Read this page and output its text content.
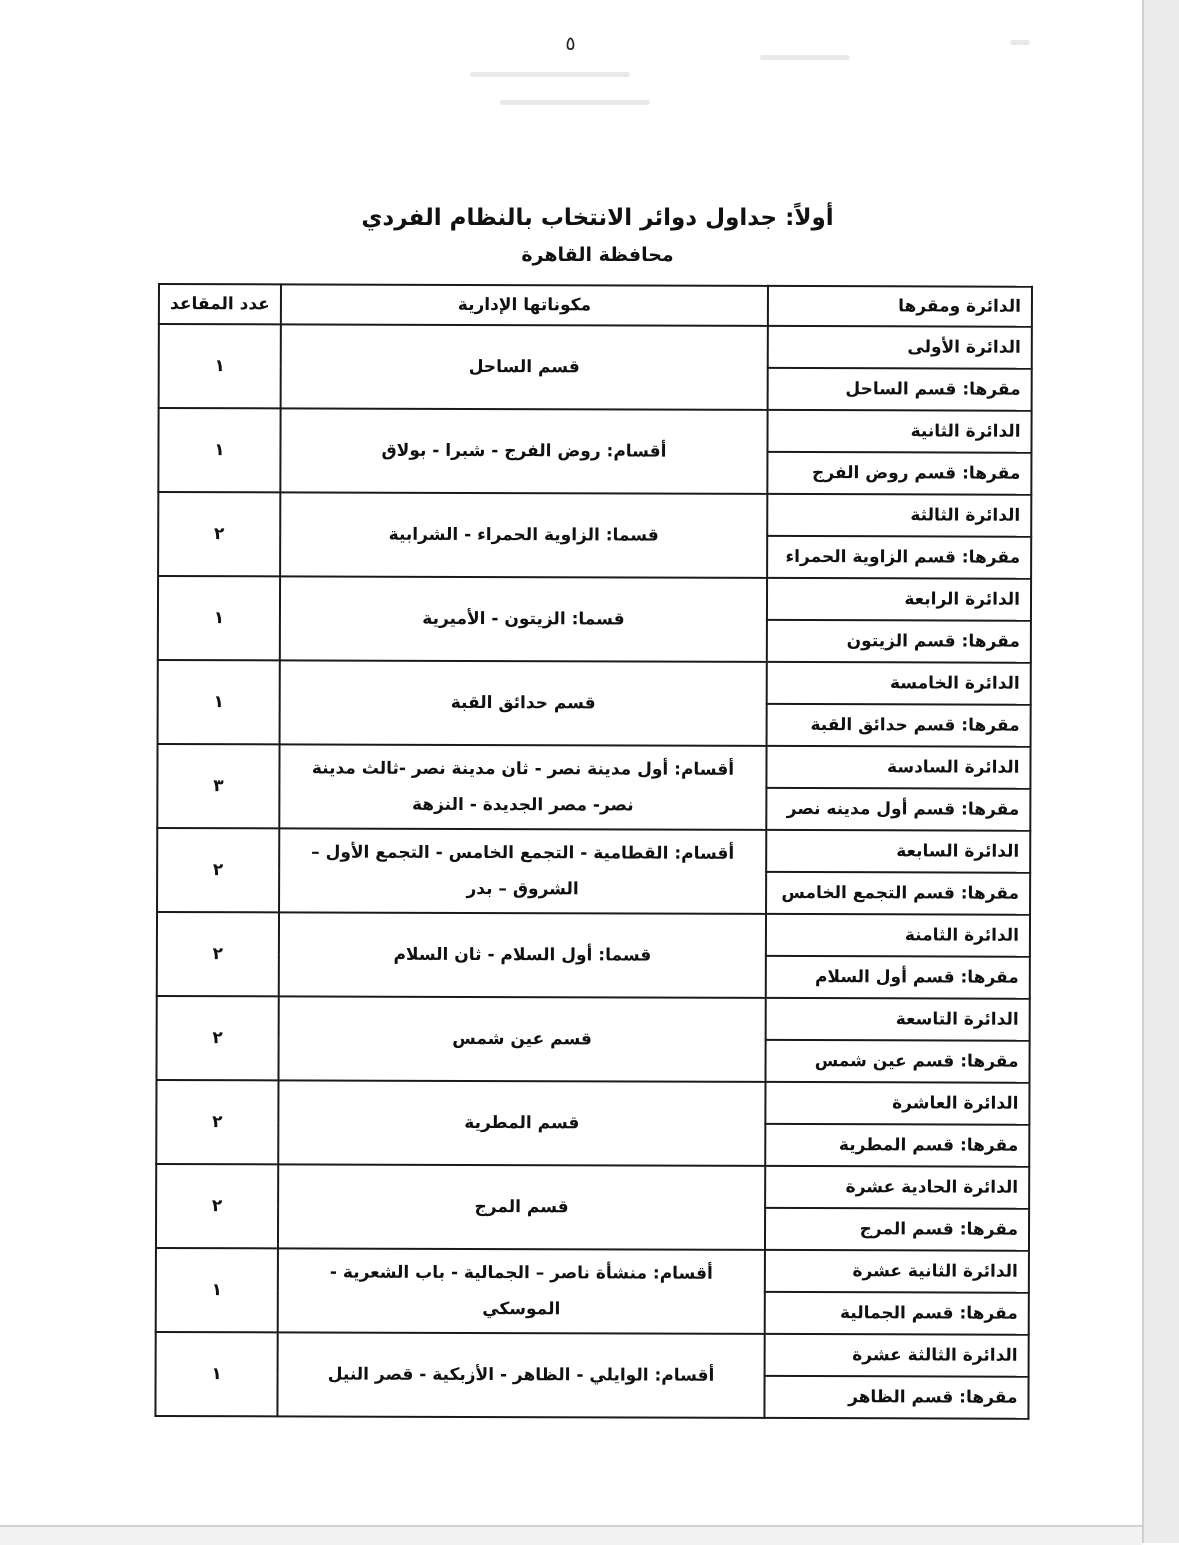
٥
أولاً: جداول دوائر الانتخاب بالنظام الفردي
محافظة القاهرة
الدائرة ومقرها	مكوناتها الإدارية	عدد المقاعد
الدائرة الأولى	قسم الساحل	١
مقرها: قسم الساحل		
الدائرة الثانية	أقسام: روض الفرج - شبرا - بولاق	١
مقرها: قسم روض الفرج		
الدائرة الثالثة	قسما: الزاوية الحمراء - الشرابية	٢
مقرها: قسم الزاوية الحمراء		
الدائرة الرابعة	قسما: الزيتون - الأميرية	١
مقرها: قسم الزيتون		
الدائرة الخامسة	قسم حدائق القبة	١
مقرها: قسم حدائق القبة		
الدائرة السادسة	أقسام: أول مدينة نصر - ثان مدينة نصر -ثالث مدينة نصر- مصر الجديدة - النزهة	٣
مقرها: قسم أول مدينه نصر		
الدائرة السابعة	أقسام: القطامية - التجمع الخامس - التجمع الأول – الشروق – بدر	٢
مقرها: قسم التجمع الخامس		
الدائرة الثامنة	قسما: أول السلام - ثان السلام	٢
مقرها: قسم أول السلام		
الدائرة التاسعة	قسم عين شمس	٢
مقرها: قسم عين شمس		
الدائرة العاشرة	قسم المطرية	٢
مقرها: قسم المطرية		
الدائرة الحادية عشرة	قسم المرج	٢
مقرها: قسم المرج		
الدائرة الثانية عشرة	أقسام: منشأة ناصر – الجمالية - باب الشعرية - الموسكي	١
مقرها: قسم الجمالية		
الدائرة الثالثة عشرة	أقسام: الوايلي - الظاهر - الأزبكية - قصر النيل	١
مقرها: قسم الظاهر		
